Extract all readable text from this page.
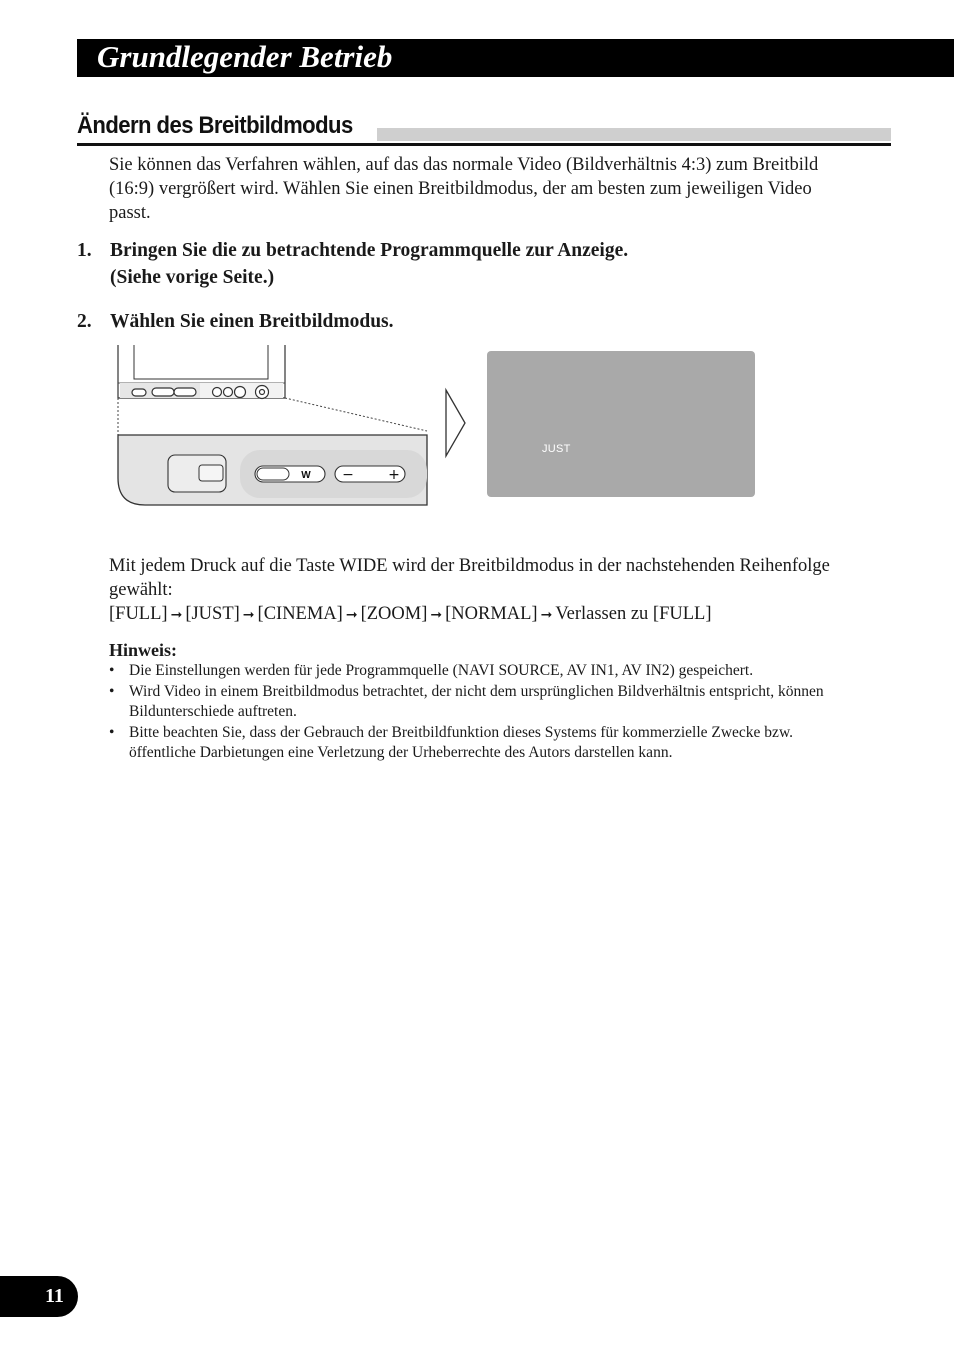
Grundlegender Betrieb
Ändern des Breitbildmodus

Sie können das Verfahren wählen, auf das das normale Video (Bildverhältnis 4:3) zum Breitbild (16:9) vergrößert wird. Wählen Sie einen Breitbildmodus, der am besten zum jeweiligen Video passt.

1. Bringen Sie die zu betrachtende Programmquelle zur Anzeige.
(Siehe vorige Seite.)
2. Wählen Sie einen Breitbildmodus.
W − +
JUST

Mit jedem Druck auf die Taste WIDE wird der Breitbildmodus in der nachstehenden Reihenfolge gewählt:

[FULL] ➞ [JUST] ➞ [CINEMA] ➞ [ZOOM] ➞ [NORMAL] ➞ Verlassen zu [FULL]
Hinweis:
• Die Einstellungen werden für jede Programmquelle (NAVI SOURCE, AV IN1, AV IN2) gespeichert.
• Wird Video in einem Breitbildmodus betrachtet, der nicht dem ursprünglichen Bildverhältnis entspricht, können Bildunterschiede auftreten.
• Bitte beachten Sie, dass der Gebrauch der Breitbildfunktion dieses Systems für kommerzielle Zwecke bzw. öffentliche Darbietungen eine Verletzung der Urheberrechte des Autors darstellen kann.
11
